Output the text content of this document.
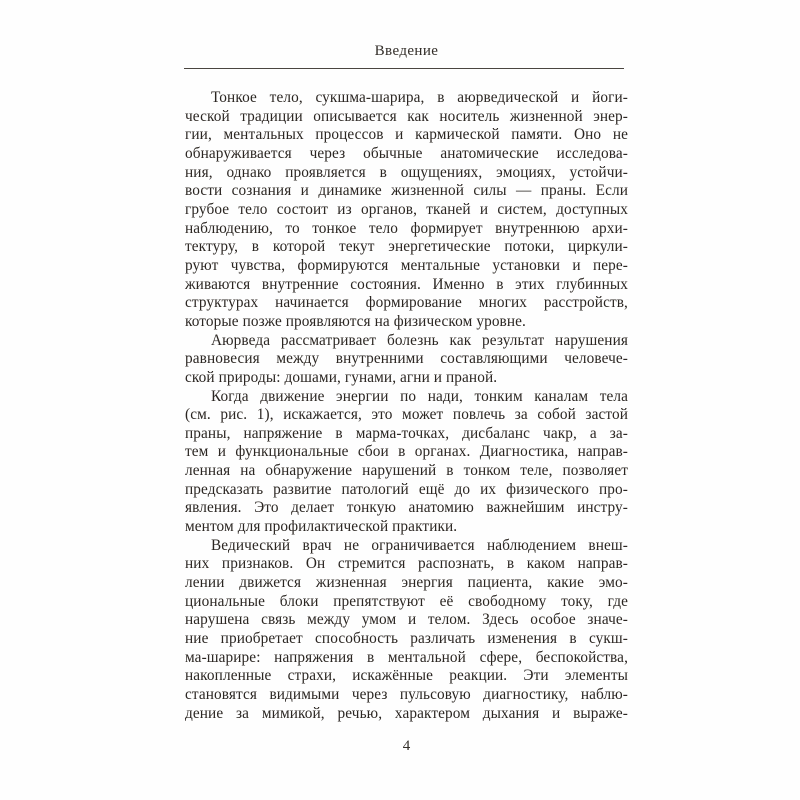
Введение
Тонкое тело, сукшма-шарира, в аюрведической и йоги-
ческой традиции описывается как носитель жизненной энер-
гии, ментальных процессов и кармической памяти. Оно не
обнаруживается через обычные анатомические исследова-
ния, однако проявляется в ощущениях, эмоциях, устойчи-
вости сознания и динамике жизненной силы — праны. Если
грубое тело состоит из органов, тканей и систем, доступных
наблюдению, то тонкое тело формирует внутреннюю архи-
тектуру, в которой текут энергетические потоки, циркули-
руют чувства, формируются ментальные установки и пере-
живаются внутренние состояния. Именно в этих глубинных
структурах начинается формирование многих расстройств,
которые позже проявляются на физическом уровне.
Аюрведа рассматривает болезнь как результат нарушения
равновесия между внутренними составляющими человече-
ской природы: дошами, гунами, агни и праной.
Когда движение энергии по нади, тонким каналам тела
(см. рис. 1), искажается, это может повлечь за собой застой
праны, напряжение в марма-точках, дисбаланс чакр, а за-
тем и функциональные сбои в органах. Диагностика, направ-
ленная на обнаружение нарушений в тонком теле, позволяет
предсказать развитие патологий ещё до их физического про-
явления. Это делает тонкую анатомию важнейшим инстру-
ментом для профилактической практики.
Ведический врач не ограничивается наблюдением внеш-
них признаков. Он стремится распознать, в каком направ-
лении движется жизненная энергия пациента, какие эмо-
циональные блоки препятствуют её свободному току, где
нарушена связь между умом и телом. Здесь особое значе-
ние приобретает способность различать изменения в сукш-
ма-шарире: напряжения в ментальной сфере, беспокойства,
накопленные страхи, искажённые реакции. Эти элементы
становятся видимыми через пульсовую диагностику, наблю-
дение за мимикой, речью, характером дыхания и выраже-
4
